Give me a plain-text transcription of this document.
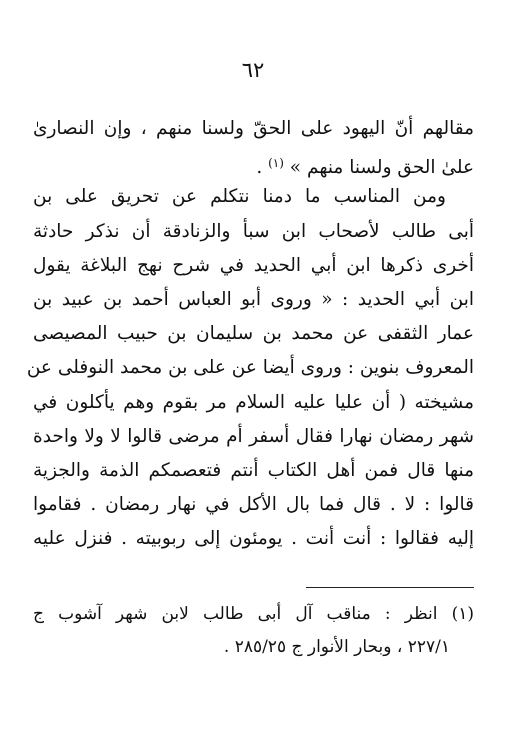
٦٢
مقالهم أنّ اليهود على الحقّ ولسنا منهم ، وإن النصارىٰ
علىٰ الحق ولسنا منهم » $^{(١)}$ .
ومن المناسب ما دمنا نتكلم عن تحريق على بن
أبى طالب لأصحاب ابن سبأ والزنادقة أن نذكر حادثة
أخرى ذكرها ابن أبي الحديد في شرح نهج البلاغة يقول
ابن أبي الحديد : « وروى أبو العباس أحمد بن عبيد بن
عمار الثقفى عن محمد بن سليمان بن حبيب المصيصى
المعروف بنوين : وروى أيضا عن على بن محمد النوفلى عن
مشيخته ( أن عليا عليه السلام مر بقوم وهم يأكلون في
شهر رمضان نهارا فقال أسفر أم مرضى قالوا لا ولا واحدة
منها قال فمن أهل الكتاب أنتم فتعصمكم الذمة والجزية
قالوا : لا . قال فما بال الأكل في نهار رمضان . فقاموا
إليه فقالوا : أنت أنت . يومئون إلى ربوبيته . فنزل عليه
(١) انظر : مناقب آل أبى طالب لابن شهر آشوب ج
٢٢٧/١ ، وبحار الأنوار ج ٢٨٥/٢٥ .
